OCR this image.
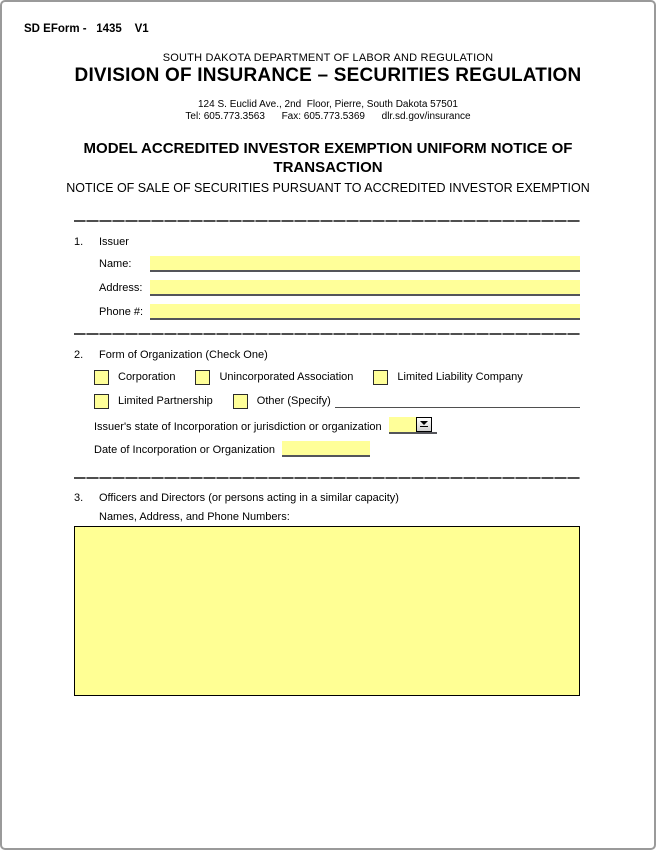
SD EForm -   1435    V1
SOUTH DAKOTA DEPARTMENT OF LABOR AND REGULATION
DIVISION OF INSURANCE – SECURITIES REGULATION
124 S. Euclid Ave., 2nd  Floor, Pierre, South Dakota 57501
Tel: 605.773.3563      Fax: 605.773.5369      dlr.sd.gov/insurance
MODEL ACCREDITED INVESTOR EXEMPTION UNIFORM NOTICE OF TRANSACTION
NOTICE OF SALE OF SECURITIES PURSUANT TO ACCREDITED INVESTOR EXEMPTION
1.	Issuer
Name:
Address:
Phone #:
2.	Form of Organization (Check One)
Corporation	Unincorporated Association	Limited Liability Company
Limited Partnership	Other (Specify)
Issuer's state of Incorporation or jurisdiction or organization
Date of Incorporation or Organization
3.	Officers and Directors (or persons acting in a similar capacity)
Names, Address, and Phone Numbers:
